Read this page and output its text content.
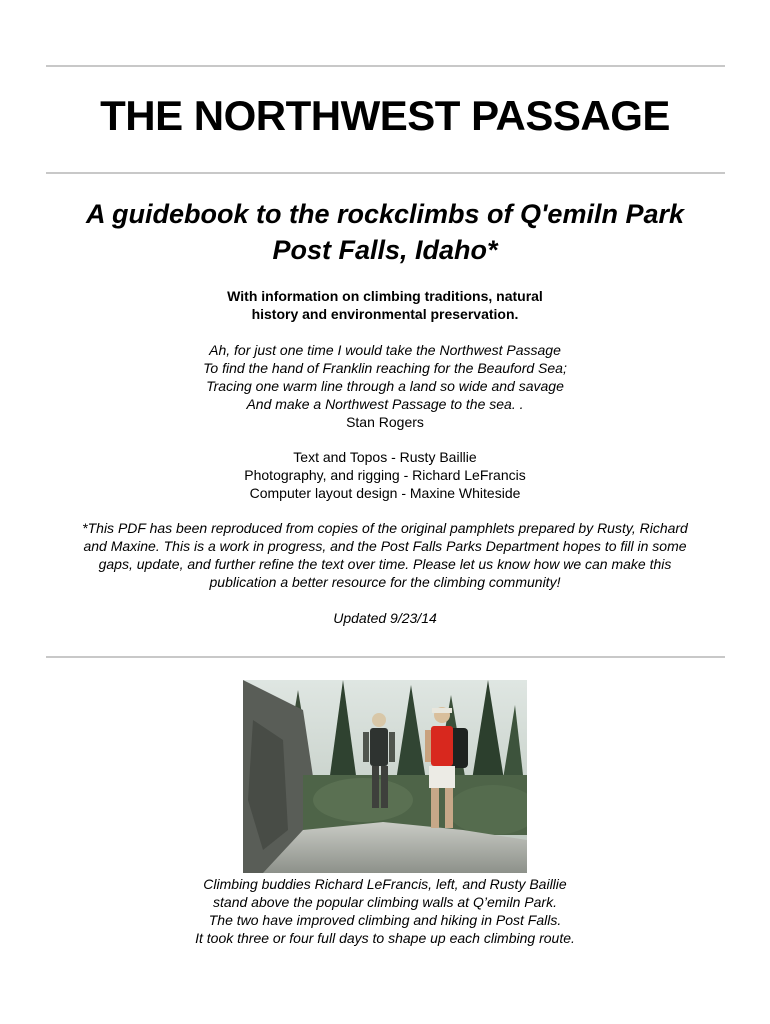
THE NORTHWEST PASSAGE
A guidebook to the rockclimbs of Q'emiln Park
Post Falls, Idaho*
With information on climbing traditions, natural
history and environmental preservation.
Ah, for just one time I would take the Northwest Passage
To find the hand of Franklin reaching for the Beauford Sea;
Tracing one warm line through a land so wide and savage
And make a Northwest Passage to the sea. .
Stan Rogers
Text and Topos - Rusty Baillie
Photography, and rigging - Richard LeFrancis
Computer layout design - Maxine Whiteside
*This PDF has been reproduced from copies of the original pamphlets prepared by Rusty, Richard
and Maxine. This is a work in progress, and the Post Falls Parks Department hopes to fill in some
gaps, update, and further refine the text over time. Please let us know how we can make this
publication a better resource for the climbing community!
Updated 9/23/14
Climbing buddies Richard LeFrancis, left, and Rusty Baillie
stand above the popular climbing walls at Q’emiln Park.
The two have improved climbing and hiking in Post Falls.
It took three or four full days to shape up each climbing route.
